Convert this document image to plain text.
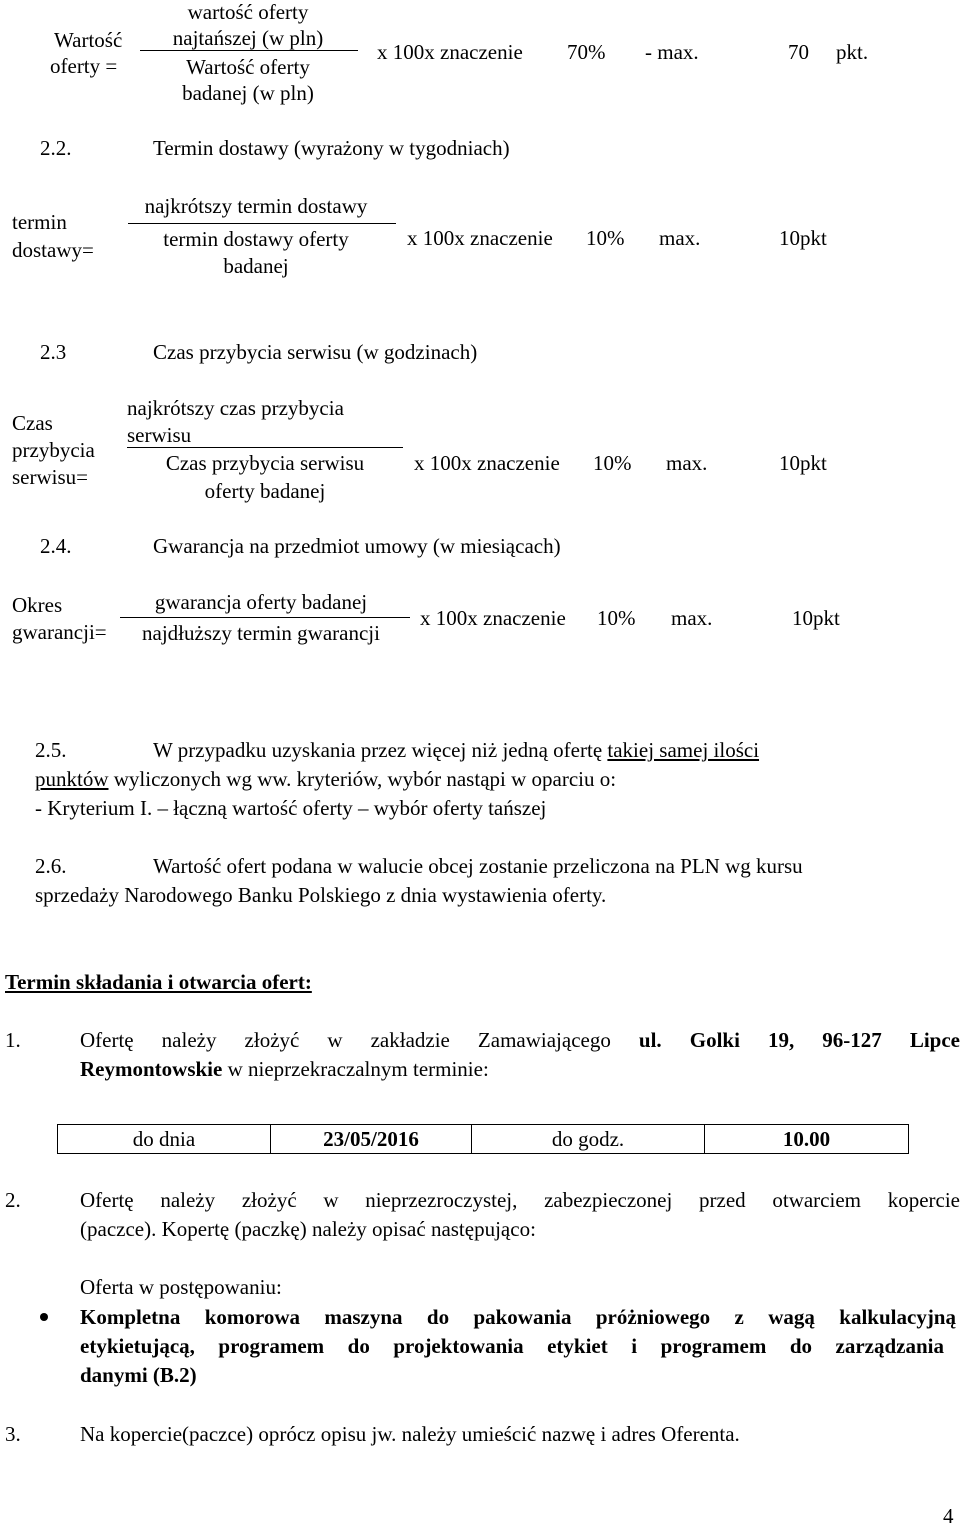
Wartość
oferty =
wartość oferty
najtańszej (w pln)
Wartość oferty
badanej (w pln)
x 100x znaczenie 70% - max.	70 pkt.
2.2.	Termin dostawy (wyrażony w tygodniach)
termin
dostawy=
najkrótszy termin dostawy
termin dostawy oferty
badanej
x 100x znaczenie 10% max.	10pkt
2.3	Czas przybycia serwisu (w godzinach)
Czas
przybycia
serwisu=
najkrótszy czas przybycia
serwisu
Czas przybycia serwisu
oferty badanej
x 100x znaczenie 10% max.	10pkt
2.4.	Gwarancja na przedmiot umowy (w miesiącach)
Okres
gwarancji=
gwarancja oferty badanej
najdłuższy termin gwarancji
x 100x znaczenie 10% max.	10pkt
2.5.	W przypadku uzyskania przez więcej niż jedną ofertę takiej samej ilości
punktów wyliczonych wg ww. kryteriów, wybór nastąpi w oparciu o:
- Kryterium I. – łączną wartość oferty – wybór oferty tańszej
2.6.	Wartość ofert podana w walucie obcej zostanie przeliczona na PLN wg kursu
sprzedaży Narodowego Banku Polskiego z dnia wystawienia oferty.
Termin składania i otwarcia ofert:
1.	Ofertę należy złożyć w zakładzie Zamawiającego ul. Golki 19, 96-127 Lipce
Reymontowskie w nieprzekraczalnym terminie:
do dnia	23/05/2016	do godz.	10.00
2.	Ofertę należy złożyć w nieprzezroczystej, zabezpieczonej przed otwarciem kopercie
(paczce). Kopertę (paczkę) należy opisać następująco:
Oferta w postępowaniu:
Kompletna komorowa maszyna do pakowania próżniowego z wagą kalkulacyjną
etykietującą, programem do projektowania etykiet i programem do zarządzania
danymi (B.2)
3.	Na kopercie(paczce) oprócz opisu jw. należy umieścić nazwę i adres Oferenta.
4
